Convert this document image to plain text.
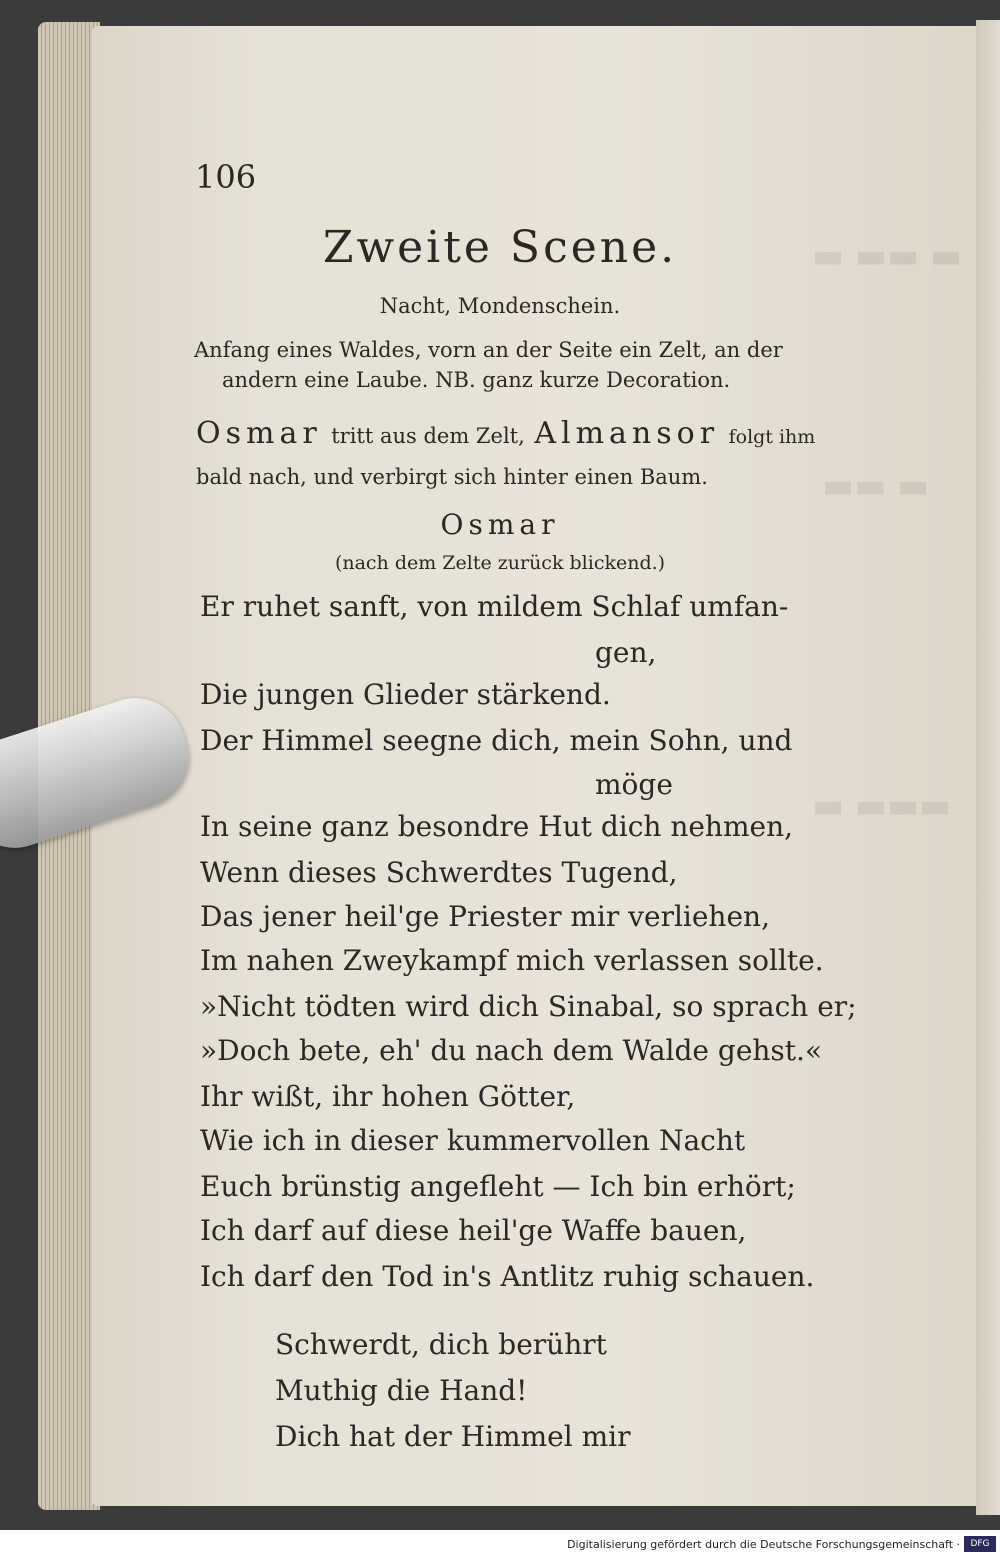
▬ ▬▬ ▬
▬▬ ▬
▬ ▬▬▬
106
Zweite Scene.
Nacht, Mondenschein.
Anfang eines Waldes, vorn an der Seite ein Zelt, an der
andern eine Laube. NB. ganz kurze Decoration.
Osmar tritt aus dem Zelt, Almansor folgt ihm
bald nach, und verbirgt sich hinter einen Baum.
Osmar
(nach dem Zelte zurück blickend.)
Er ruhet sanft, von mildem Schlaf umfan-
gen,
Die jungen Glieder stärkend.
Der Himmel seegne dich, mein Sohn, und
möge
In seine ganz besondre Hut dich nehmen,
Wenn dieses Schwerdtes Tugend,
Das jener heil'ge Priester mir verliehen,
Im nahen Zweykampf mich verlassen sollte.
»Nicht tödten wird dich Sinabal, so sprach er;
»Doch bete, eh' du nach dem Walde gehst.«
Ihr wißt, ihr hohen Götter,
Wie ich in dieser kummervollen Nacht
Euch brünstig angefleht — Ich bin erhört;
Ich darf auf diese heil'ge Waffe bauen,
Ich darf den Tod in's Antlitz ruhig schauen.
Schwerdt, dich berührt
Muthig die Hand!
Dich hat der Himmel mir
Digitalisierung gefördert durch die Deutsche Forschungsgemeinschaft ·	DFG
